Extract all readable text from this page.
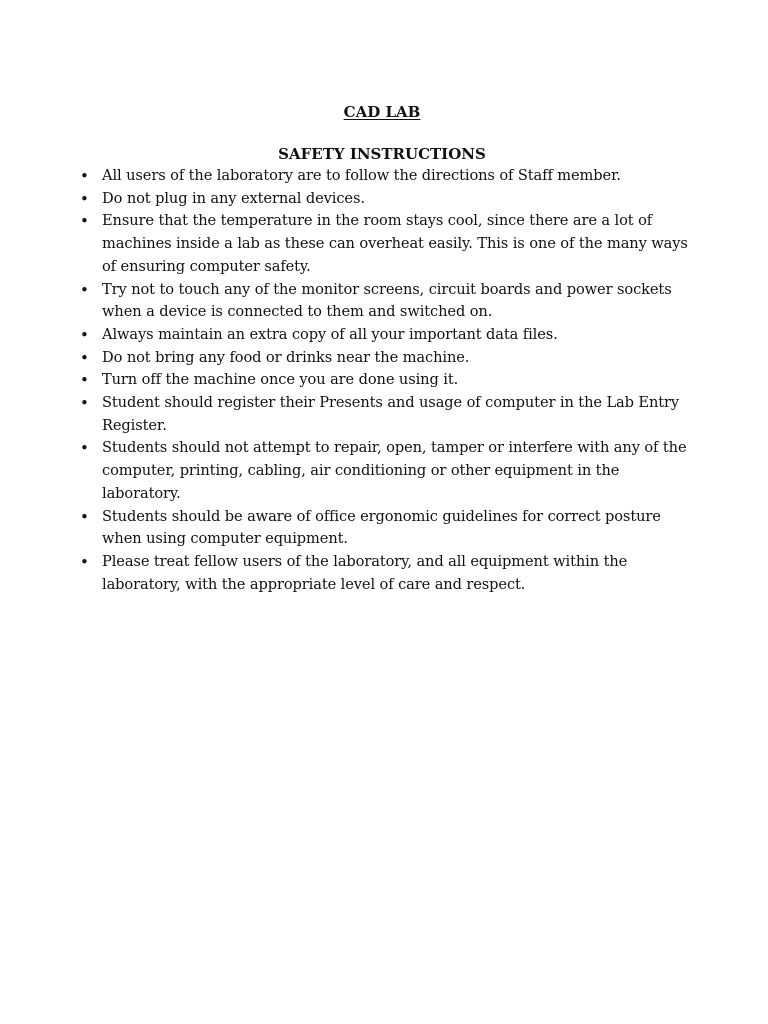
CAD LAB
SAFETY INSTRUCTIONS
• All users of the laboratory are to follow the directions of Staff member.
• Do not plug in any external devices.
• Ensure that the temperature in the room stays cool, since there are a lot of machines inside a lab as these can overheat easily. This is one of the many ways of ensuring computer safety.
• Try not to touch any of the monitor screens, circuit boards and power sockets when a device is connected to them and switched on.
• Always maintain an extra copy of all your important data files.
• Do not bring any food or drinks near the machine.
• Turn off the machine once you are done using it.
• Student should register their Presents and usage of computer in the Lab Entry Register.
• Students should not attempt to repair, open, tamper or interfere with any of the computer, printing, cabling, air conditioning or other equipment in the laboratory.
• Students should be aware of office ergonomic guidelines for correct posture when using computer equipment.
• Please treat fellow users of the laboratory, and all equipment within the laboratory, with the appropriate level of care and respect.
